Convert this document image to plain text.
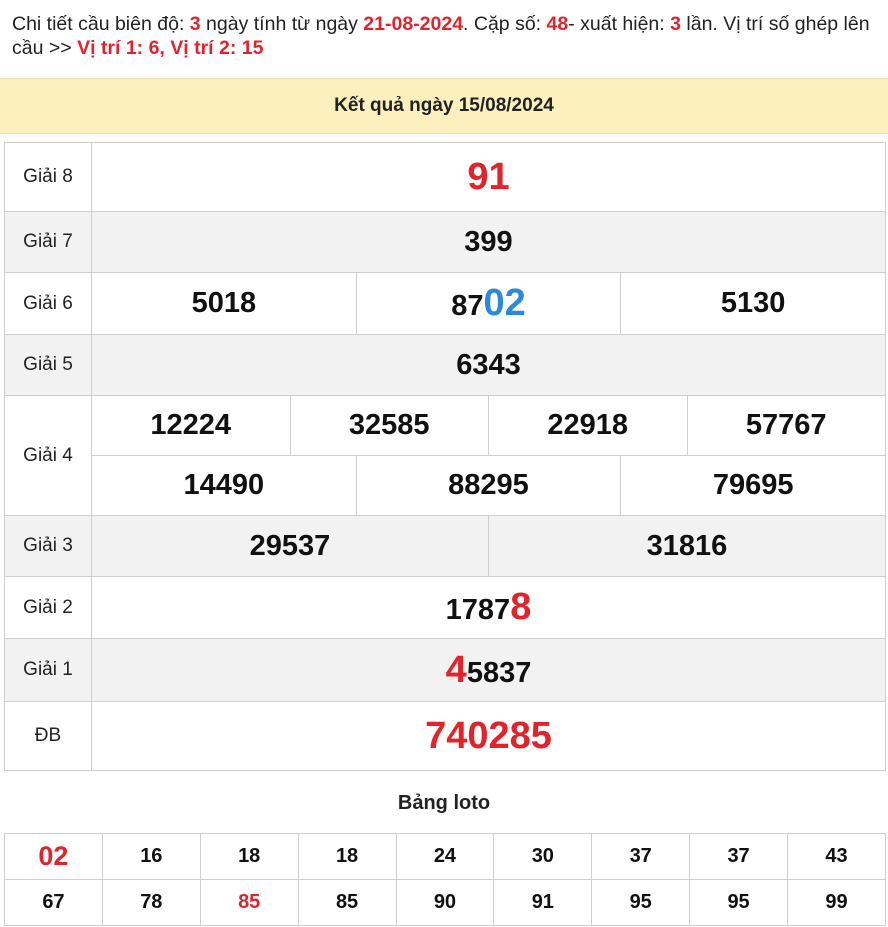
Chi tiết cầu biên độ: 3 ngày tính từ ngày 21-08-2024. Cặp số: 48- xuất hiện: 3 lần. Vị trí số ghép lên cầu >> Vị trí 1: 6, Vị trí 2: 15
Kết quả ngày 15/08/2024
Giải 8	91
Giải 7	399
Giải 6	5018 8702 5130

Giải 5	6343
Giải 4	12224 32585 22918 57767

	14490 88295 79695

Giải 3	29537 31816

Giải 2	17878
Giải 1	45837
ĐB	740285
Bảng loto
02	16	18	18	24	30	37	37	43
67	78	85	85	90	91	95	95	99
